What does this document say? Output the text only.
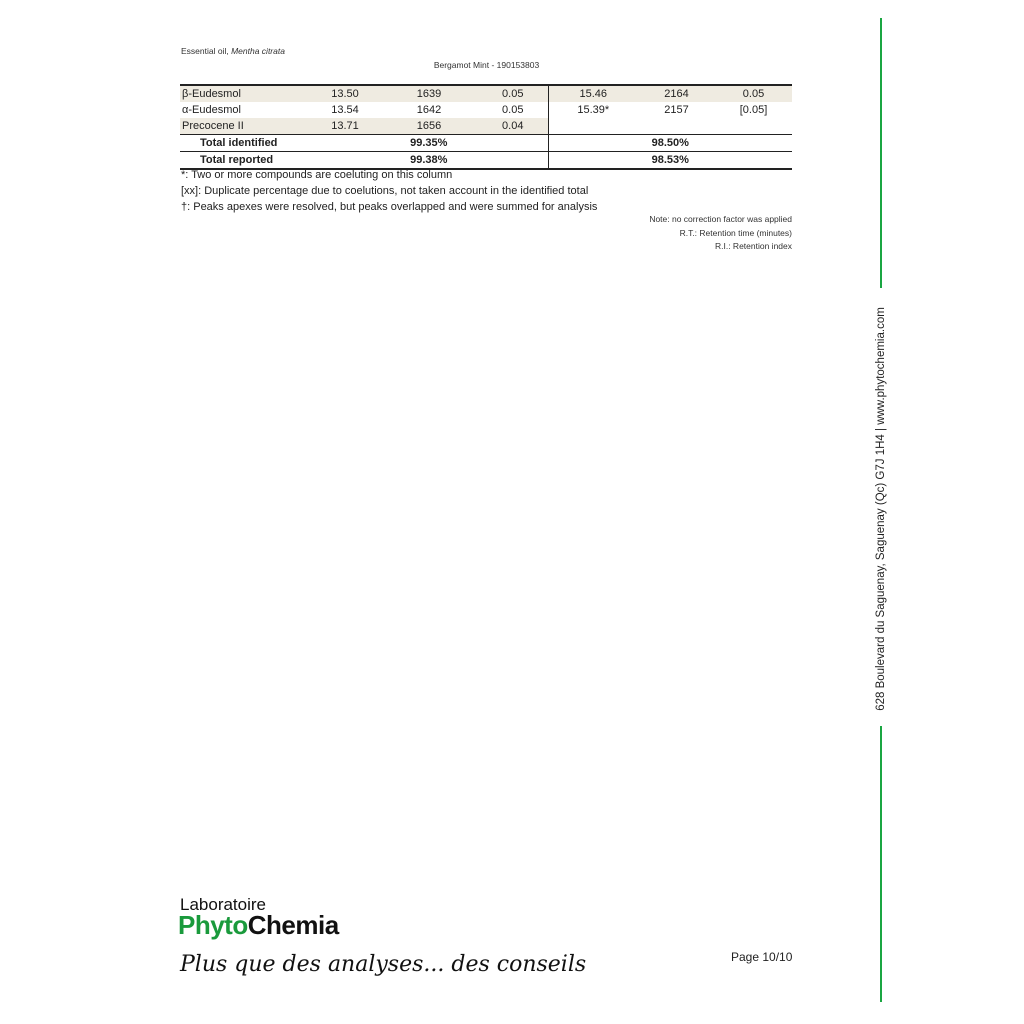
Essential oil, Mentha citrata
Bergamot Mint - 190153803
β-Eudesmol	13.50	1639	0.05	15.46	2164	0.05
α-Eudesmol	13.54	1642	0.05	15.39*	2157	[0.05]
Precocene II	13.71	1656	0.04			
Total identified	99.35%			98.50%		
Total reported	99.38%			98.53%		
*: Two or more compounds are coeluting on this column
[xx]: Duplicate percentage due to coelutions, not taken account in the identified total
†: Peaks apexes were resolved, but peaks overlapped and were summed for analysis
Note: no correction factor was applied
R.T.: Retention time (minutes)
R.I.: Retention index
628 Boulevard du Saguenay, Saguenay (Qc) G7J 1H4 | www.phytochemia.com
Laboratoire
PhytoChemia
Plus que des analyses... des conseils	Page 10/10
